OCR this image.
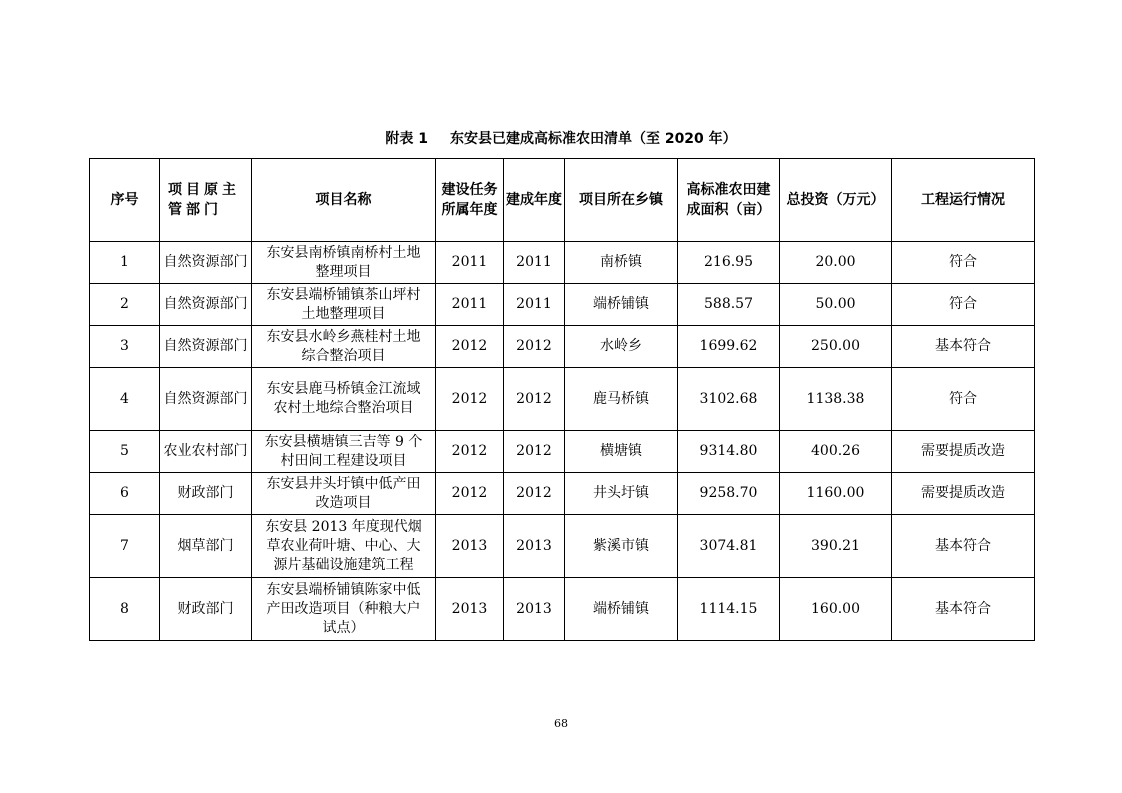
附表 1 东安县已建成高标准农田清单（至 2020 年）
序号	项目原主管部门	项目名称	建设任务所属年度	建成年度	项目所在乡镇	高标准农田建成面积（亩）	总投资（万元）	工程运行情况
1	自然资源部门	东安县南桥镇南桥村土地整理项目	2011	2011	南桥镇	216.95	20.00	符合
2	自然资源部门	东安县端桥铺镇茶山坪村土地整理项目	2011	2011	端桥铺镇	588.57	50.00	符合
3	自然资源部门	东安县水岭乡燕桂村土地综合整治项目	2012	2012	水岭乡	1699.62	250.00	基本符合
4	自然资源部门	东安县鹿马桥镇金江流域农村土地综合整治项目	2012	2012	鹿马桥镇	3102.68	1138.38	符合
5	农业农村部门	东安县横塘镇三吉等 9 个村田间工程建设项目	2012	2012	横塘镇	9314.80	400.26	需要提质改造
6	财政部门	东安县井头圩镇中低产田改造项目	2012	2012	井头圩镇	9258.70	1160.00	需要提质改造
7	烟草部门	东安县 2013 年度现代烟草农业荷叶塘、中心、大源片基础设施建筑工程	2013	2013	紫溪市镇	3074.81	390.21	基本符合
8	财政部门	东安县端桥铺镇陈家中低产田改造项目（种粮大户试点）	2013	2013	端桥铺镇	1114.15	160.00	基本符合
68
